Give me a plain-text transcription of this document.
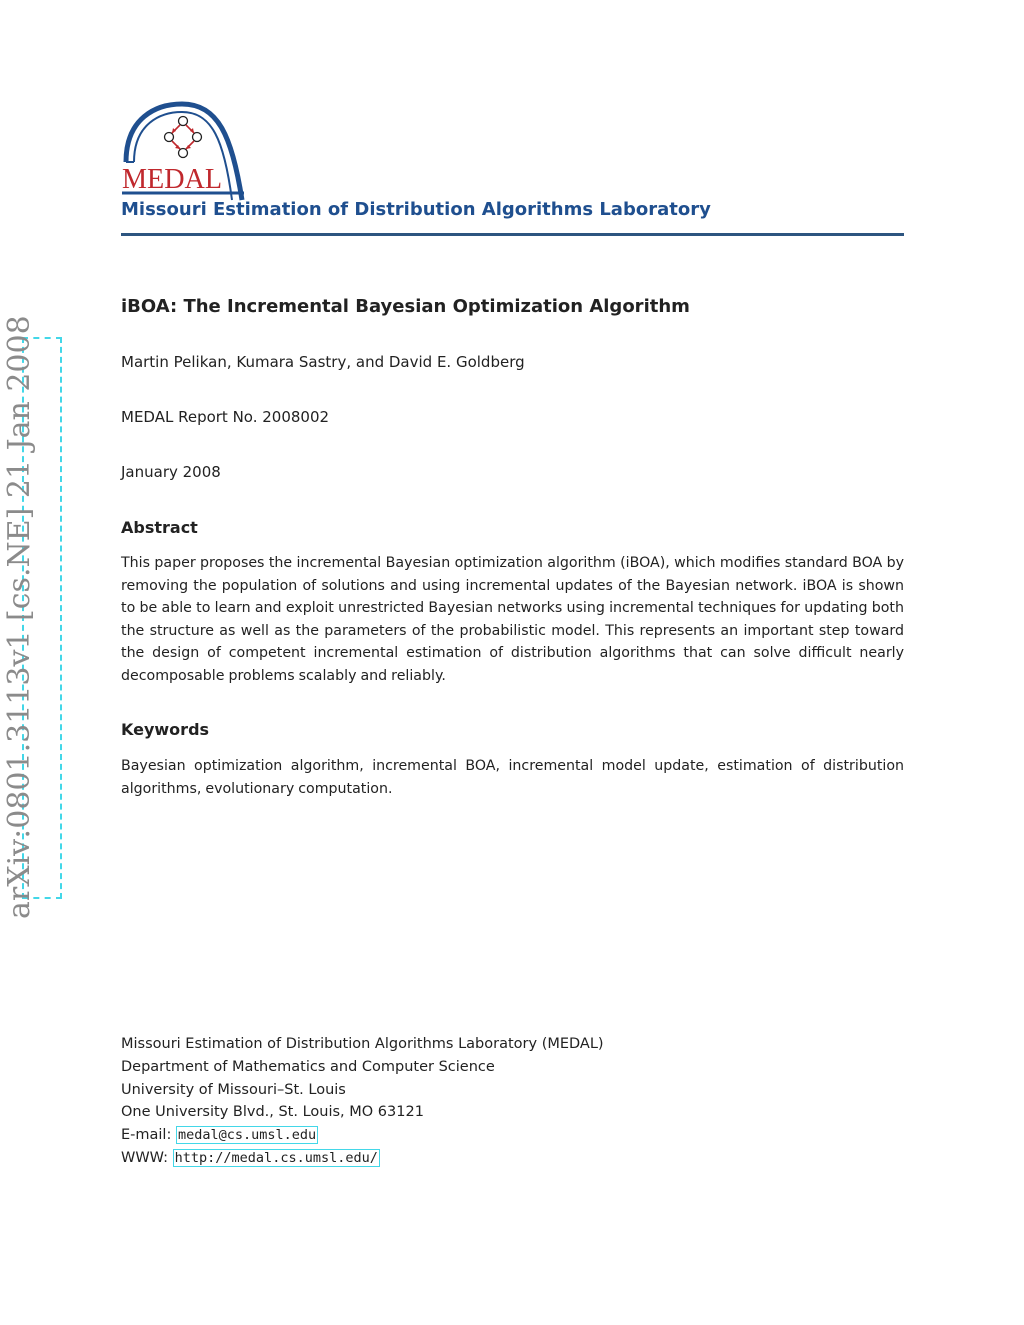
arXiv:0801.3113v1 [cs.NE] 21 Jan 2008
MEDAL
Missouri Estimation of Distribution Algorithms Laboratory
iBOA: The Incremental Bayesian Optimization Algorithm
Martin Pelikan, Kumara Sastry, and David E. Goldberg
MEDAL Report No. 2008002
January 2008
Abstract
This paper proposes the incremental Bayesian optimization algorithm (iBOA), which modifies standard BOA by removing the population of solutions and using incremental updates of the Bayesian network. iBOA is shown to be able to learn and exploit unrestricted Bayesian networks using incremental techniques for updating both the structure as well as the parameters of the probabilistic model. This represents an important step toward the design of competent incremental estimation of distribution algorithms that can solve difficult nearly decomposable problems scalably and reliably.
Keywords
Bayesian optimization algorithm, incremental BOA, incremental model update, estimation of distribution algorithms, evolutionary computation.
Missouri Estimation of Distribution Algorithms Laboratory (MEDAL)
Department of Mathematics and Computer Science
University of Missouri–St. Louis
One University Blvd., St. Louis, MO 63121
E-mail: medal@cs.umsl.edu
WWW: http://medal.cs.umsl.edu/
